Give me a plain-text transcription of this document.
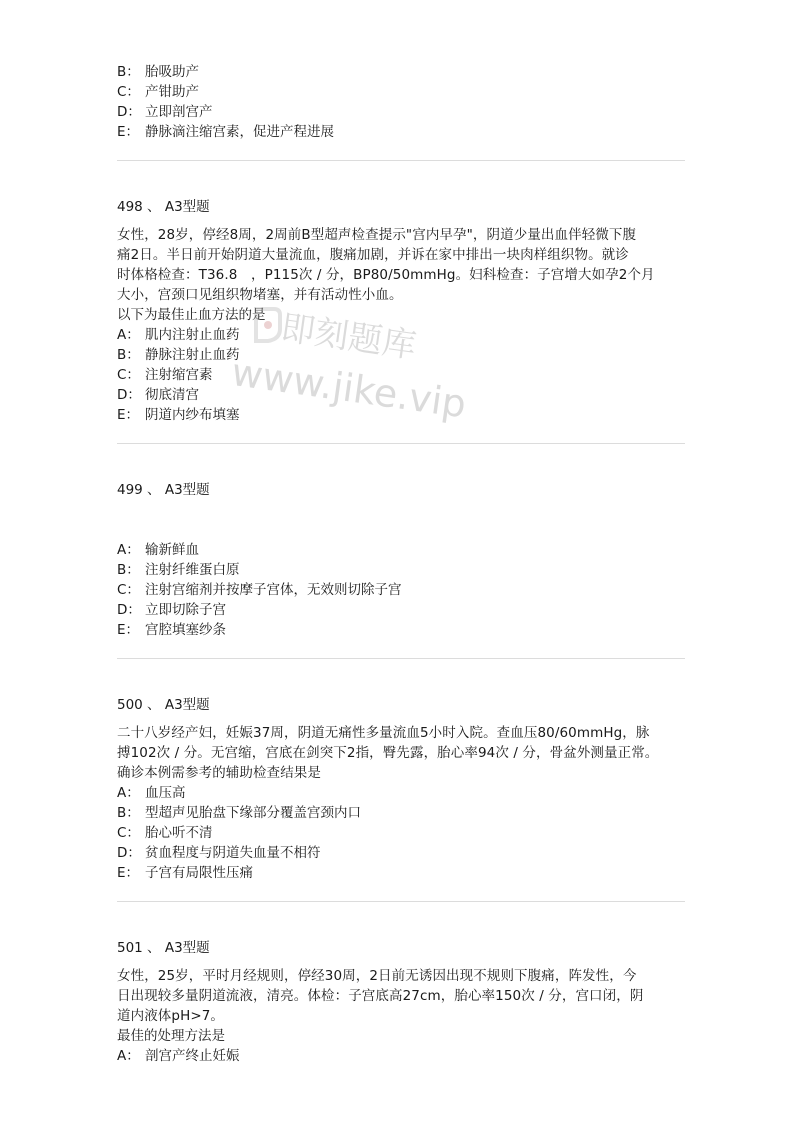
B： 胎吸助产
C： 产钳助产
D： 立即剖宫产
E： 静脉滴注缩宫素，促进产程进展
498 、 A3型题
女性，28岁，停经8周，2周前B型超声检查提示"宫内早孕"，阴道少量出血伴轻微下腹
痛2日。半日前开始阴道大量流血，腹痛加剧，并诉在家中排出一块肉样组织物。就诊
时体格检查：T36.8　，P115次 / 分，BP80/50mmHg。妇科检查：子宫增大如孕2个月
大小，宫颈口见组织物堵塞，并有活动性小血。
以下为最佳止血方法的是
A： 肌内注射止血药
B： 静脉注射止血药
C： 注射缩宫素
D： 彻底清宫
E： 阴道内纱布填塞
499 、 A3型题
A： 输新鲜血
B： 注射纤维蛋白原
C： 注射宫缩剂并按摩子宫体，无效则切除子宫
D： 立即切除子宫
E： 宫腔填塞纱条
500 、 A3型题
二十八岁经产妇，妊娠37周，阴道无痛性多量流血5小时入院。查血压80/60mmHg，脉
搏102次 / 分。无宫缩，宫底在剑突下2指，臀先露，胎心率94次 / 分，骨盆外测量正常。
确诊本例需参考的辅助检查结果是
A： 血压高
B： 型超声见胎盘下缘部分覆盖宫颈内口
C： 胎心听不清
D： 贫血程度与阴道失血量不相符
E： 子宫有局限性压痛
501 、 A3型题
女性，25岁，平时月经规则，停经30周，2日前无诱因出现不规则下腹痛，阵发性，今
日出现较多量阴道流液，清亮。体检：子宫底高27cm，胎心率150次 / 分，宫口闭，阴
道内液体pH>7。
最佳的处理方法是
A： 剖宫产终止妊娠
即刻题库
www.jike.vip
